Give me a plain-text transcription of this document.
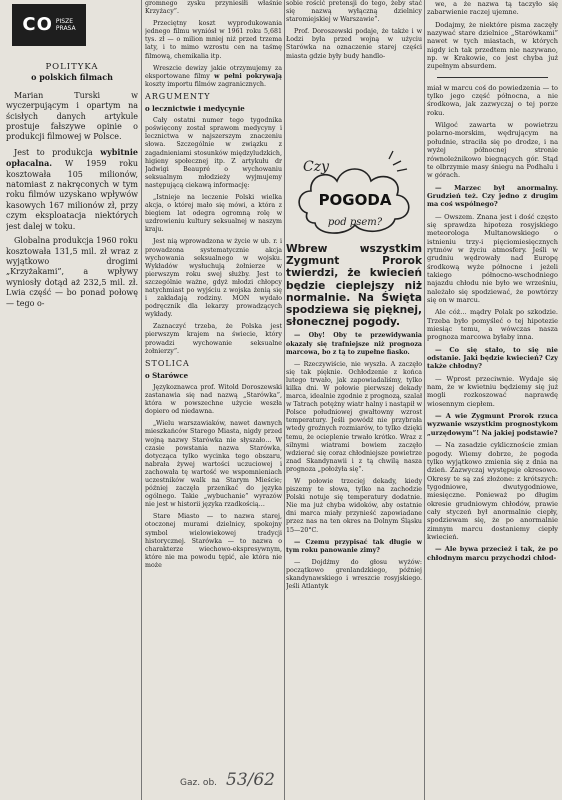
CO PISZE
PRASA

POLITYKA

o polskich filmach

Marian Turski w wyczerpującym i opartym na ścisłych danych artykule prostuje fałszywe opinie o produkcji filmowej w Polsce.

Jest to produkcja wybitnie opłacalna. W 1959 roku kosztowała 105 milionów, natomiast z nakręconych w tym roku filmów uzyskano wpływów kasowych 167 milionów zł, przy czym eksploatacja niektórych jest dalej w toku.

Globalna produkcja 1960 roku kosztowała 131,5 mil. zł wraz z wyjątkowo drogimi „Krzyżakami”, a wpływy wyniosły dotąd aż 232,5 mil. zł. Lwia część — bo ponad połowę — tego o-

gromnego zysku przyniesiłi właśnie Krzyżacy”.

Przeciętny koszt wyprodukowania jednego filmu wyniósł w 1961 roku 5,681 tys. zł — o milion mniej niż przed trzema laty, i to mimo wzrostu cen na taśmę filmową, chemikalia itp.

Wreszcie dewizy jakie otrzymujemy za eksportowane filmy w pełni pokrywają koszty importu filmów zagranicznych.

ARGUMENTY

o lecznictwie i medycynie

Cały ostatni numer tego tygodnika poświęcony został sprawom medycyny i lecznictwa w najszerszym znaczeniu słowa. Szczególnie w związku z zagadnieniami stosunków międzyludzkich, higieny społecznej itp. Z artykułu dr Jadwigi Beaupré o wychowaniu seksualnym młodzieży wyjmujemy następującą ciekawą informację:

„Istnieje na leczenie Polski wielka akcja, o której mało się mówi, a która z biegiem lat odegra ogromną rolę w uzdrowieniu kultury seksualnej w naszym kraju.

Jest nią wprowadzona w życie w ub. r. i prowadzona systematycznie akcja wychowania seksualnego w wojsku. Wykładów wysłuchują żołnierze w pierwszym roku swej służby. Jest to szczególnie ważne, gdyż młodzi chłopcy natychmiast po wyjściu z wojska żenią się i zakładają rodziny. MON wydało podręcznik dla lekarzy prowadzących wykłady.

Zaznaczyć trzeba, że Polska jest pierwszym krajem na świecie, który prowadzi wychowanie seksualne żołnierzy”.

STOLICA

o Starówce

Językoznawca prof. Witold Doroszewski zastanawia się nad nazwą „Starówka”, która w powszechne użycie weszła dopiero od niedawna.

„Wielu warszawiaków, nawet dawnych mieszkańców Starego Miasta, nigdy przed wojną nazwy Starówka nie słyszało… W czasie powstania nazwa Starówka, dotycząca tylko wycinka tego obszaru, nabrała żywej wartości uczuciowej i zachowała tę wartość we wspomnieniach uczestników walk na Starym Mieście; później zaczęła przenikać do języka ogólnego. Takie „wybuchanie” wyrazów nie jest w historii języka rzadkością…

Stare Miasto — to nazwa starej, otoczonej murami dzielnicy, spokojny symbol wielowiekowej tradycji historycznej. Starówka — to nazwa o charakterze wiechowo-ekspresywnym, które nie ma powodu tępić, ale która nie może

sobie rościć pretensji do tego, żeby stać się nazwą wyłączną dzielnicy staromiejskiej w Warszawie”.

Prof. Doroszewski podaje, że także i w Łodzi była przed wojną w użyciu Starówka na oznaczenie starej części miasta gdzie były budy handlo-

Czy
POGODA
pod psem?

Wbrew wszystkim Zygmunt Prorok twierdzi, że kwiecień będzie cieplejszy niż normalnie. Na Święta spodziewa się pięknej, słonecznej pogody.

— Oby! Oby te przewidywania okazały się trafniejsze niż prognoza marcowa, bo z tą to zupełne fiasko.

— Rzeczywiście, nie wyszła. A zaczęło się tak pięknie. Ochłodzenie z końca lutego trwało, jak zapowiadaliśmy, tylko kilka dni. W połowie pierwszej dekady marca, idealnie zgodnie z prognozą, szalał w Tatrach potężny wiatr halny i nastąpił w Polsce południowej gwałtowny wzrost temperatury. Jeśli powódź nie przybrała wtedy groźnych rozmiarów, to tylko dzięki temu, że ocieplenie trwało krótko. Wraz z silnymi wiatrami bowiem zaczęło wdzierać się coraz chłodniejsze powietrze znad Skandynawii i z tą chwilą nasza prognoza „położyła się”.

W połowie trzeciej dekady, kiedy piszemy te słowa, tylko na zachodzie Polski notuje się temperatury dodatnie. Nie ma już chyba widoków, aby ostatnie dni marca miały przynieść zapowiadane przez nas na ten okres na Dolnym Śląsku 15—20°C.

— Czemu przypisać tak długie w tym roku panowanie zimy?

— Dojdźmy do głosu wyżów: początkowo grenlandzkiego, później skandynawskiego i wreszcie rosyjskiego. Jeśli Atlantyk

we, a że nazwa tą taczyło się zabarwienie raczej ujemne.

Dodajmy, że niektóre pisma zaczęły nazywać stare dzielnice „Starówkami” nawet w tych miastach, w których nigdy ich tak przedtem nie nazywano, np. w Krakowie, co jest chyba już zupełnym absurdem.

miał w marcu coś do powiedzenia — to tylko jego część północna, a nie środkowa, jak zazwyczaj o tej porze roku.

Wilgoć zawarta w powietrzu polarno-morskim, wędrującym na południe, straciła się po drodze, i na wyżej północnej stronie równoleżnikowo biegnących gór. Stąd te olbrzymie masy śniegu na Podhalu i w górach.

— Marzec był anormalny. Grudzień też. Czy jedno z drugim ma coś wspólnego?

— Owszem. Znana jest i dość często się sprawdza hipoteza rosyjskiego meteorologa Multanowskiego o istnieniu trzy-i pięciomiesięcznych rytmów w życiu atmosfery. Jeśli w grudniu wędrowały nad Europę środkową wyże północne i jeżeli takiego północno-wschodniego najazdu chłodu nie było we wrześniu, należało się spodziewać, że powtórzy się on w marcu.

Ale cóż… mądry Polak po szkodzie. Trzeba było pomyśleć o tej hipotezie miesiąc temu, a wówczas nasza prognoza marcowa byłaby inna.

— Co się stało, to się nie odstanie. Jaki będzie kwiecień? Czy także chłodny?

— Wprost przeciwnie. Wydaje się nam, że w kwietniu będziemy się już mogli rozkoszować naprawdę wiosennym ciepłem.

— A wie Zygmunt Prorok rzuca wyzwanie wszystkim prognostykom „urzędowym”! Na jakiej podstawie?

— Na zasadzie cyklicznoście zmian pogody. Wiemy dobrze, że pogoda tylko wyjątkowo zmienia się z dnia na dzień. Zazwyczaj występuje okresowo. Okresy te są zaś złożone: z krótszych: tygodniowe, dwutygodniowe, miesięczne. Ponieważ po długim okresie grudniowym chłodów, prawie cały styczeń był anormalnie ciepły, spodziewam się, że po anormalnie zimnym marcu dostaniemy ciepły kwiecień.

— Ale bywa przecież i tak, że po chłodnym marcu przychodzi chłod-

Gaz. ob. 53/62
